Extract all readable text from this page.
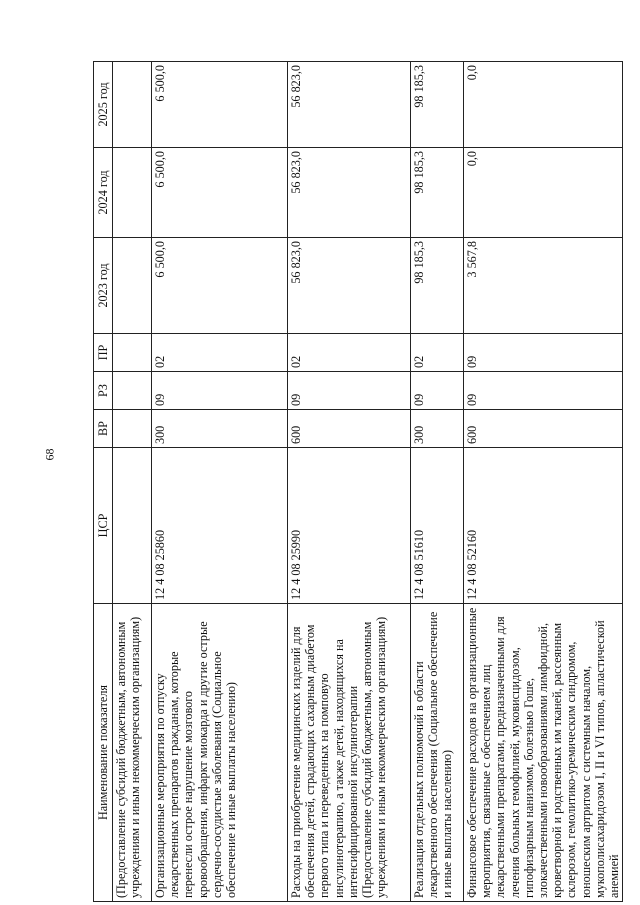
68
Наименование показателя	ЦСР	ВР	РЗ	ПР	2023 год	2024 год	2025 год
(Предоставление субсидий бюджетным, автономным учреждениям и иным некоммерческим организациям)							
Организационные мероприятия по отпуску лекарственных препаратов гражданам, которые перенесли острое нарушение мозгового кровообращения, инфаркт миокарда и другие острые сердечно-сосудистые заболевания (Социальное обеспечение и иные выплаты населению)	12 4 08 25860	300	09	02	6 500,0	6 500,0	6 500,0
Расходы на приобретение медицинских изделий для обеспечения детей, страдающих сахарным диабетом первого типа и переведенных на помповую инсулинотерапию, а также детей, находящихся на интенсифицированной инсулинотерапии (Предоставление субсидий бюджетным, автономным учреждениям и иным некоммерческим организациям)	12 4 08 25990	600	09	02	56 823,0	56 823,0	56 823,0
Реализация отдельных полномочий в области лекарственного обеспечения (Социальное обеспечение и иные выплаты населению)	12 4 08 51610	300	09	02	98 185,3	98 185,3	98 185,3
Финансовое обеспечение расходов на организационные мероприятия, связанные с обеспечением лиц лекарственными препаратами, предназначенными для лечения больных гемофилией, муковисцидозом, гипофизарным нанизмом, болезнью Гоше, злокачественными новообразованиями лимфоидной, кроветворной и родственных им тканей, рассеянным склерозом, гемолитико-уремическим синдромом, юношеским артритом с системным началом, мукополисахаридозом I, II и VI типов, апластической анемией	12 4 08 52160	600	09	09	3 567,8	0,0	0,0
